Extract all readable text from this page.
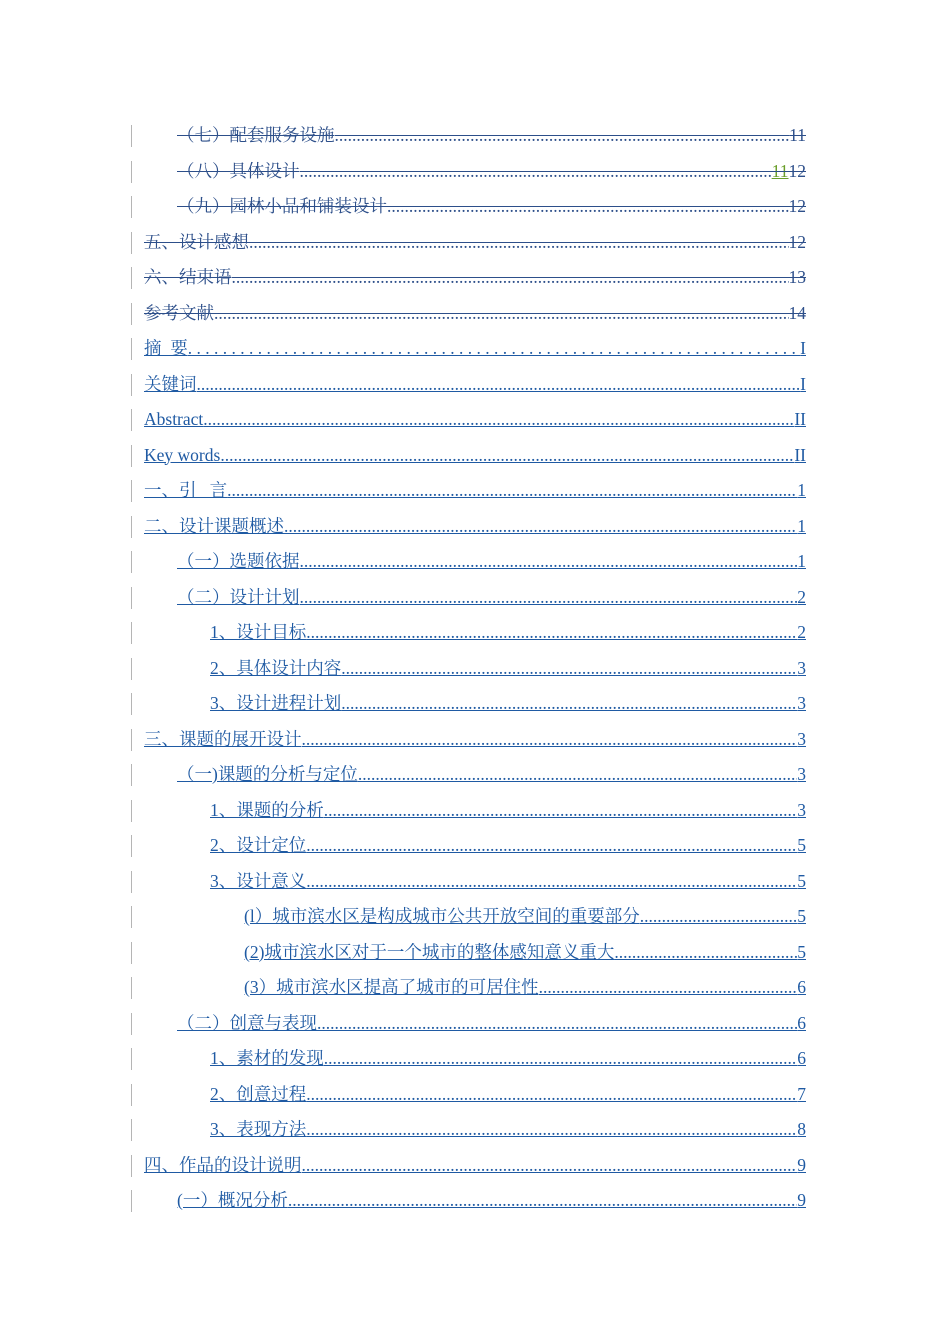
（七）配套服务设施 .....	11
（八）具体设计 .....	11 12
（九）园林小品和铺装设计 .....	12
五、设计感想 .....	12
六、结束语 .....	13
参考文献 .....	14
摘  要 . . .	I
关键词 .....	I
Abstract .....	II
Key words .....	II
一、引   言 .....	1
二、设计课题概述 .....	1
（一）选题依据 .....	1
（二）设计计划 .....	2
1、设计目标 .....	2
2、具体设计内容 .....	3
3、设计进程计划 .....	3
三、课题的展开设计 .....	3
（一)课题的分析与定位 .....	3
1、课题的分析 .....	3
2、设计定位 .....	5
3、设计意义 .....	5
(l）城市滨水区是构成城市公共开放空间的重要部分 .....	5
(2)城市滨水区对于一个城市的整体感知意义重大 .....	5
(3）城市滨水区提高了城市的可居住性 .....	6
（二）创意与表现 .....	6
1、素材的发现 .....	6
2、创意过程 .....	7
3、表现方法 .....	8
四、作品的设计说明 .....	9
(一）概况分析 .....	9
